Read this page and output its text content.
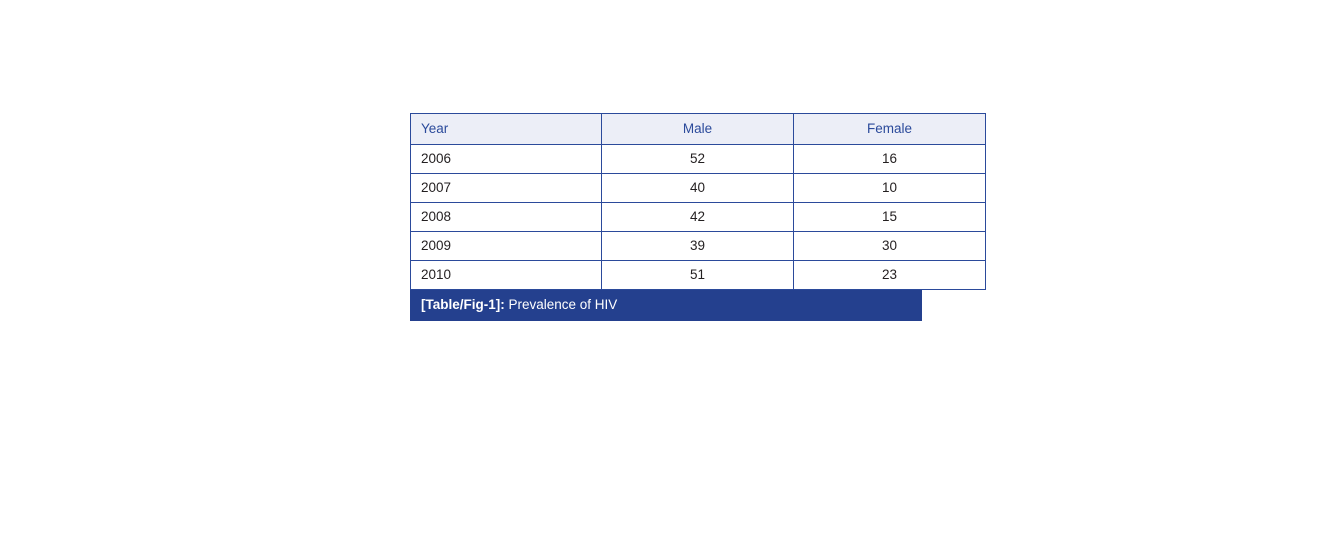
Year	Male	Female
2006	52	16
2007	40	10
2008	42	15
2009	39	30
2010	51	23
[Table/Fig-1]: Prevalence of HIV
